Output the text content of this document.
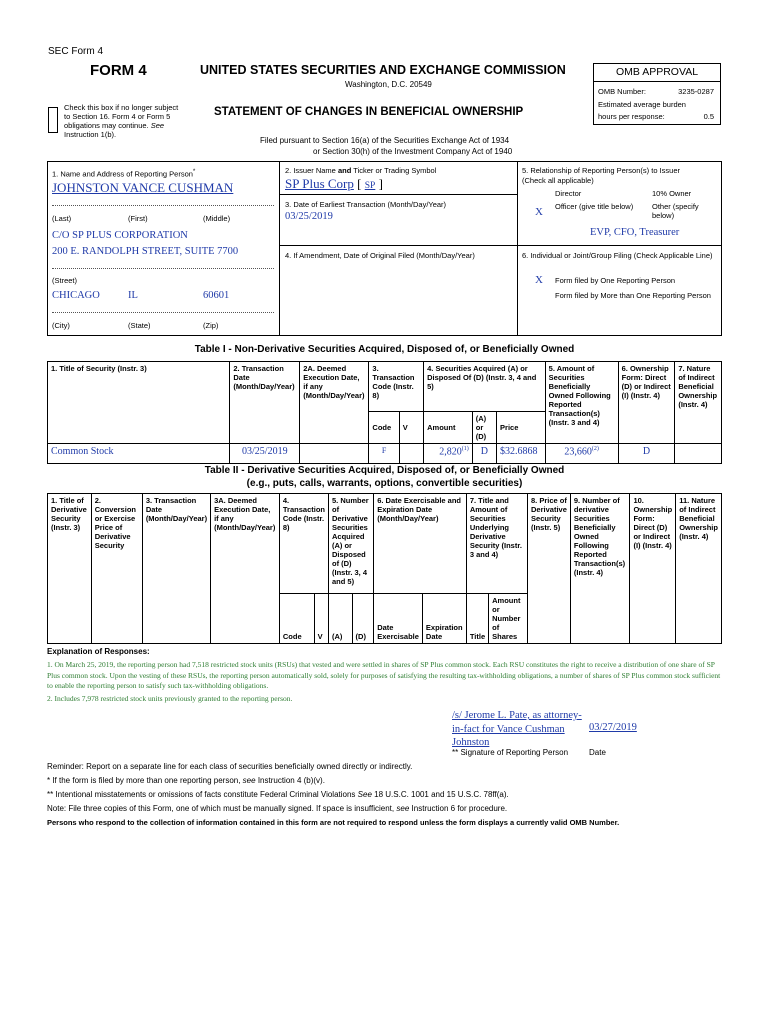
SEC Form 4
FORM 4	UNITED STATES SECURITIES AND EXCHANGE COMMISSION
Washington, D.C. 20549
Check this box if no longer subject to Section 16. Form 4 or Form 5 obligations may continue. See Instruction 1(b).
STATEMENT OF CHANGES IN BENEFICIAL OWNERSHIP
Filed pursuant to Section 16(a) of the Securities Exchange Act of 1934
or Section 30(h) of the Investment Company Act of 1940
OMB APPROVAL
OMB Number:	3235-0287
Estimated average burden
hours per response:	0.5
1. Name and Address of Reporting Person*
JOHNSTON VANCE CUSHMAN
(Last)	(First)	(Middle)
C/O SP PLUS CORPORATION
200 E. RANDOLPH STREET, SUITE 7700
(Street)
CHICAGO	IL	60601
(City)	(State)	(Zip)
2. Issuer Name and Ticker or Trading Symbol
SP Plus Corp [ SP ]
3. Date of Earliest Transaction (Month/Day/Year)
03/25/2019
4. If Amendment, Date of Original Filed (Month/Day/Year)
5. Relationship of Reporting Person(s) to Issuer
(Check all applicable)
Director	10% Owner
X Officer (give title below)	Other (specify below)
EVP, CFO, Treasurer
6. Individual or Joint/Group Filing (Check Applicable Line)
X Form filed by One Reporting Person
Form filed by More than One Reporting Person
Table I - Non-Derivative Securities Acquired, Disposed of, or Beneficially Owned
1. Title of Security (Instr. 3)	2. Transaction Date (Month/Day/Year)	2A. Deemed Execution Date, if any (Month/Day/Year)	3. Transaction Code (Instr. 8)		4. Securities Acquired (A) or Disposed Of (D) (Instr. 3, 4 and 5)			5. Amount of Securities Beneficially Owned Following Reported Transaction(s) (Instr. 3 and 4)	6. Ownership Form: Direct (D) or Indirect (I) (Instr. 4)	7. Nature of Indirect Beneficial Ownership (Instr. 4)
			Code	V	Amount	(A) or (D)	Price			
Common Stock	03/25/2019		F		2,820$^{(1)}$	D	$32.6868	23,660$^{(2)}$	D	
Table II - Derivative Securities Acquired, Disposed of, or Beneficially Owned
(e.g., puts, calls, warrants, options, convertible securities)
1. Title of Derivative Security (Instr. 3)	2. Conversion or Exercise Price of Derivative Security	3. Transaction Date (Month/Day/Year)	3A. Deemed Execution Date, if any (Month/Day/Year)	4. Transaction Code (Instr. 8)		5. Number of Derivative Securities Acquired (A) or Disposed of (D) (Instr. 3, 4 and 5)		6. Date Exercisable and Expiration Date (Month/Day/Year)		7. Title and Amount of Securities Underlying Derivative Security (Instr. 3 and 4)		8. Price of Derivative Security (Instr. 5)	9. Number of derivative Securities Beneficially Owned Following Reported Transaction(s) (Instr. 4)	10. Ownership Form: Direct (D) or Indirect (I) (Instr. 4)	11. Nature of Indirect Beneficial Ownership (Instr. 4)
				Code	V	(A)	(D)	Date Exercisable	Expiration Date	Title	Amount or Number of Shares				
Explanation of Responses:
1. On March 25, 2019, the reporting person had 7,518 restricted stock units (RSUs) that vested and were settled in shares of SP Plus common stock. Each RSU constitutes the right to receive a distribution of one share of SP Plus common stock. Upon the vesting of these RSUs, the reporting person automatically sold, solely for purposes of satisfying the resulting tax-withholding obligations, a number of shares of SP Plus common stock sufficient to enable the reporting person to satisfy such tax-withholding obligations.
2. Includes 7,978 restricted stock units previously granted to the reporting person.
/s/ Jerome L. Pate, as attorney-
in-fact for Vance Cushman
Johnston
03/27/2019
** Signature of Reporting Person	Date
Reminder: Report on a separate line for each class of securities beneficially owned directly or indirectly.
* If the form is filed by more than one reporting person, see Instruction 4 (b)(v).
** Intentional misstatements or omissions of facts constitute Federal Criminal Violations See 18 U.S.C. 1001 and 15 U.S.C. 78ff(a).
Note: File three copies of this Form, one of which must be manually signed. If space is insufficient, see Instruction 6 for procedure.
Persons who respond to the collection of information contained in this form are not required to respond unless the form displays a currently valid OMB Number.
